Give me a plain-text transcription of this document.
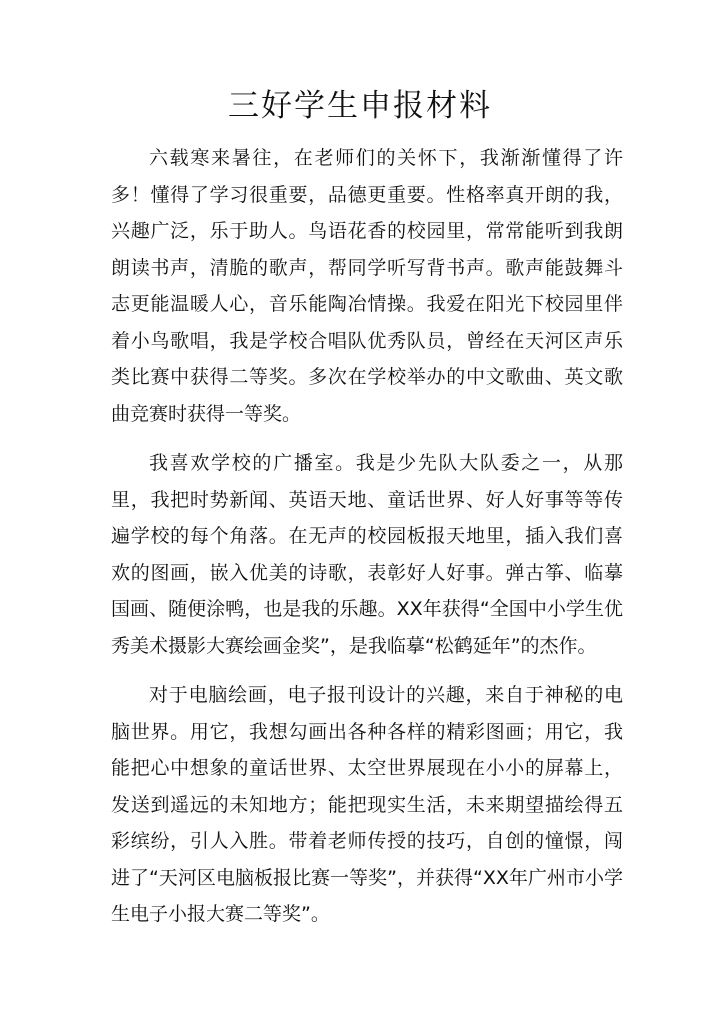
三好学生申报材料

六载寒来暑往，在老师们的关怀下，我渐渐懂得了许多！懂得了学习很重要，品德更重要。性格率真开朗的我，兴趣广泛，乐于助人。鸟语花香的校园里，常常能听到我朗朗读书声，清脆的歌声，帮同学听写背书声。歌声能鼓舞斗志更能温暖人心，音乐能陶冶情操。我爱在阳光下校园里伴着小鸟歌唱，我是学校合唱队优秀队员，曾经在天河区声乐类比赛中获得二等奖。多次在学校举办的中文歌曲、英文歌曲竞赛时获得一等奖。

我喜欢学校的广播室。我是少先队大队委之一，从那里，我把时势新闻、英语天地、童话世界、好人好事等等传遍学校的每个角落。在无声的校园板报天地里，插入我们喜欢的图画，嵌入优美的诗歌，表彰好人好事。弹古筝、临摹国画、随便涂鸭，也是我的乐趣。XX年获得“全国中小学生优秀美术摄影大赛绘画金奖”，是我临摹“松鹤延年”的杰作。

对于电脑绘画，电子报刊设计的兴趣，来自于神秘的电脑世界。用它，我想勾画出各种各样的精彩图画；用它，我能把心中想象的童话世界、太空世界展现在小小的屏幕上，发送到遥远的未知地方；能把现实生活，未来期望描绘得五彩缤纷，引人入胜。带着老师传授的技巧，自创的憧憬，闯进了“天河区电脑板报比赛一等奖”，并获得“XX年广州市小学生电子小报大赛二等奖”。
